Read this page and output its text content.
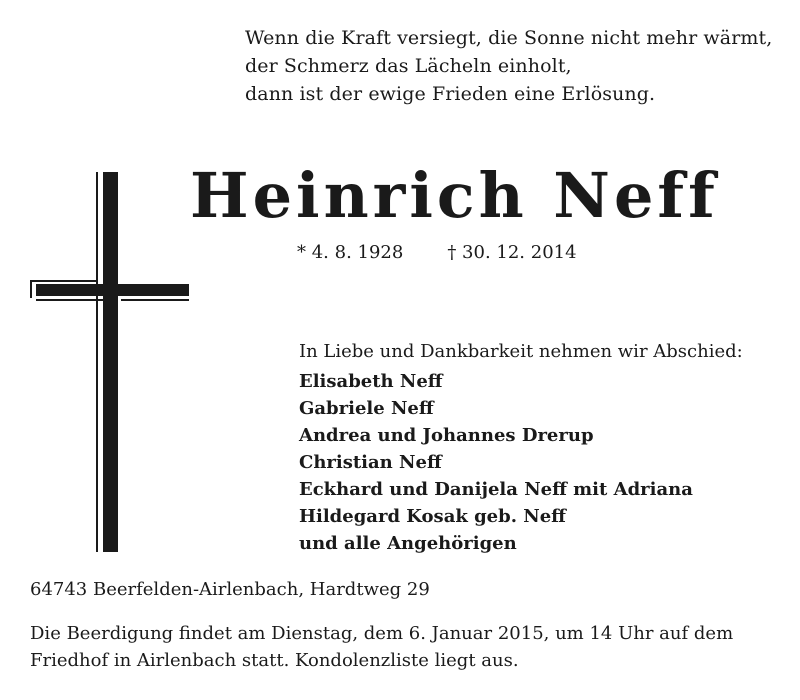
Wenn die Kraft versiegt, die Sonne nicht mehr wärmt,
der Schmerz das Lächeln einholt,
dann ist der ewige Frieden eine Erlösung.
Heinrich Neff
* 4. 8. 1928 † 30. 12. 2014
In Liebe und Dankbarkeit nehmen wir Abschied:
Elisabeth Neff
Gabriele Neff
Andrea und Johannes Drerup
Christian Neff
Eckhard und Danijela Neff mit Adriana
Hildegard Kosak geb. Neff
und alle Angehörigen
64743 Beerfelden-Airlenbach, Hardtweg 29
Die Beerdigung findet am Dienstag, dem 6. Januar 2015, um 14 Uhr auf dem
Friedhof in Airlenbach statt. Kondolenzliste liegt aus.
